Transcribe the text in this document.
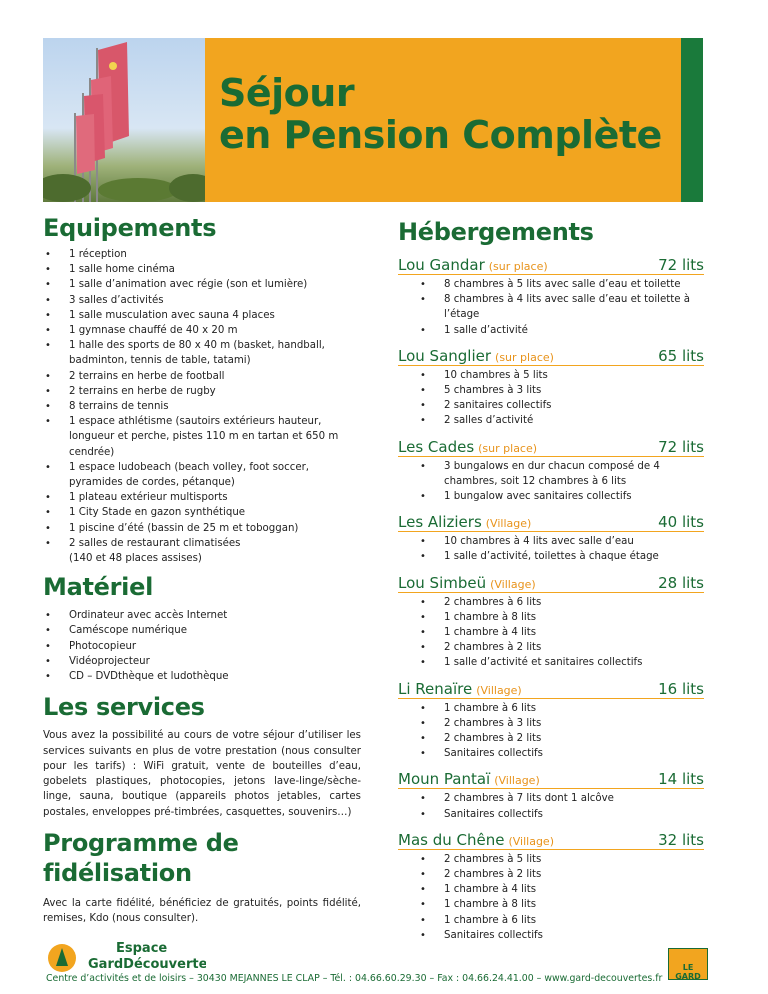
Séjour
en Pension Complète
Equipements
• 1 réception
• 1 salle home cinéma
• 1 salle d’animation avec régie (son et lumière)
• 3 salles d’activités
• 1 salle musculation avec sauna 4 places
• 1 gymnase chauffé de 40 x 20 m
• 1 halle des sports de 80 x 40 m (basket, handball, badminton, tennis de table, tatami)
• 2 terrains en herbe de football
• 2 terrains en herbe de rugby
• 8 terrains de tennis
• 1 espace athlétisme (sautoirs extérieurs hauteur, longueur et perche, pistes 110 m en tartan et 650 m cendrée)
• 1 espace ludobeach (beach volley, foot soccer, pyramides de cordes, pétanque)
• 1 plateau extérieur multisports
• 1 City Stade en gazon synthétique
• 1 piscine d’été (bassin de 25 m et toboggan)
• 2 salles de restaurant climatisées
(140 et 48 places assises)
Matériel
• Ordinateur avec accès Internet
• Caméscope numérique
• Photocopieur
• Vidéoprojecteur
• CD – DVDthèque et ludothèque
Les services

Vous avez la possibilité au cours de votre séjour d’utiliser les services suivants en plus de votre prestation (nous consulter pour les tarifs) : WiFi gratuit, vente de bouteilles d’eau, gobelets plastiques, photocopies, jetons lave-linge/sèche-linge, sauna, boutique (appareils photos jetables, cartes postales, enveloppes pré-timbrées, casquettes, souvenirs…)

Programme de fidélisation

Avec la carte fidélité, bénéficiez de gratuités, points fidélité, remises, Kdo (nous consulter).

Hébergements
Lou Gandar (sur place)	72 lits
• 8 chambres à 5 lits avec salle d’eau et toilette
• 8 chambres à 4 lits avec salle d’eau et toilette à l’étage
• 1 salle d’activité
Lou Sanglier (sur place)	65 lits
• 10 chambres à 5 lits
• 5 chambres à 3 lits
• 2 sanitaires collectifs
• 2 salles d’activité
Les Cades (sur place)	72 lits
• 3 bungalows en dur chacun composé de 4 chambres, soit 12 chambres à 6 lits
• 1 bungalow avec sanitaires collectifs
Les Aliziers (Village)	40 lits
• 10 chambres à 4 lits avec salle d’eau
• 1 salle d’activité, toilettes à chaque étage
Lou Simbeü (Village)	28 lits
• 2 chambres à 6 lits
• 1 chambre à 8 lits
• 1 chambre à 4 lits
• 2 chambres à 2 lits
• 1 salle d’activité et sanitaires collectifs
Li Renaïre (Village)	16 lits
• 1 chambre à 6 lits
• 2 chambres à 3 lits
• 2 chambres à 2 lits
• Sanitaires collectifs
Moun Pantaï (Village)	14 lits
• 2 chambres à 7 lits dont 1 alcôve
• Sanitaires collectifs
Mas du Chêne (Village)	32 lits
• 2 chambres à 5 lits
• 2 chambres à 2 lits
• 1 chambre à 4 lits
• 1 chambre à 8 lits
• 1 chambre à 6 lits
• Sanitaires collectifs
Espace
GardDécouvertes
Centre d’activités et de loisirs – 30430 MEJANNES LE CLAP – Tél. : 04.66.60.29.30 – Fax : 04.66.24.41.00 – www.gard-decouvertes.fr
LE GARD
